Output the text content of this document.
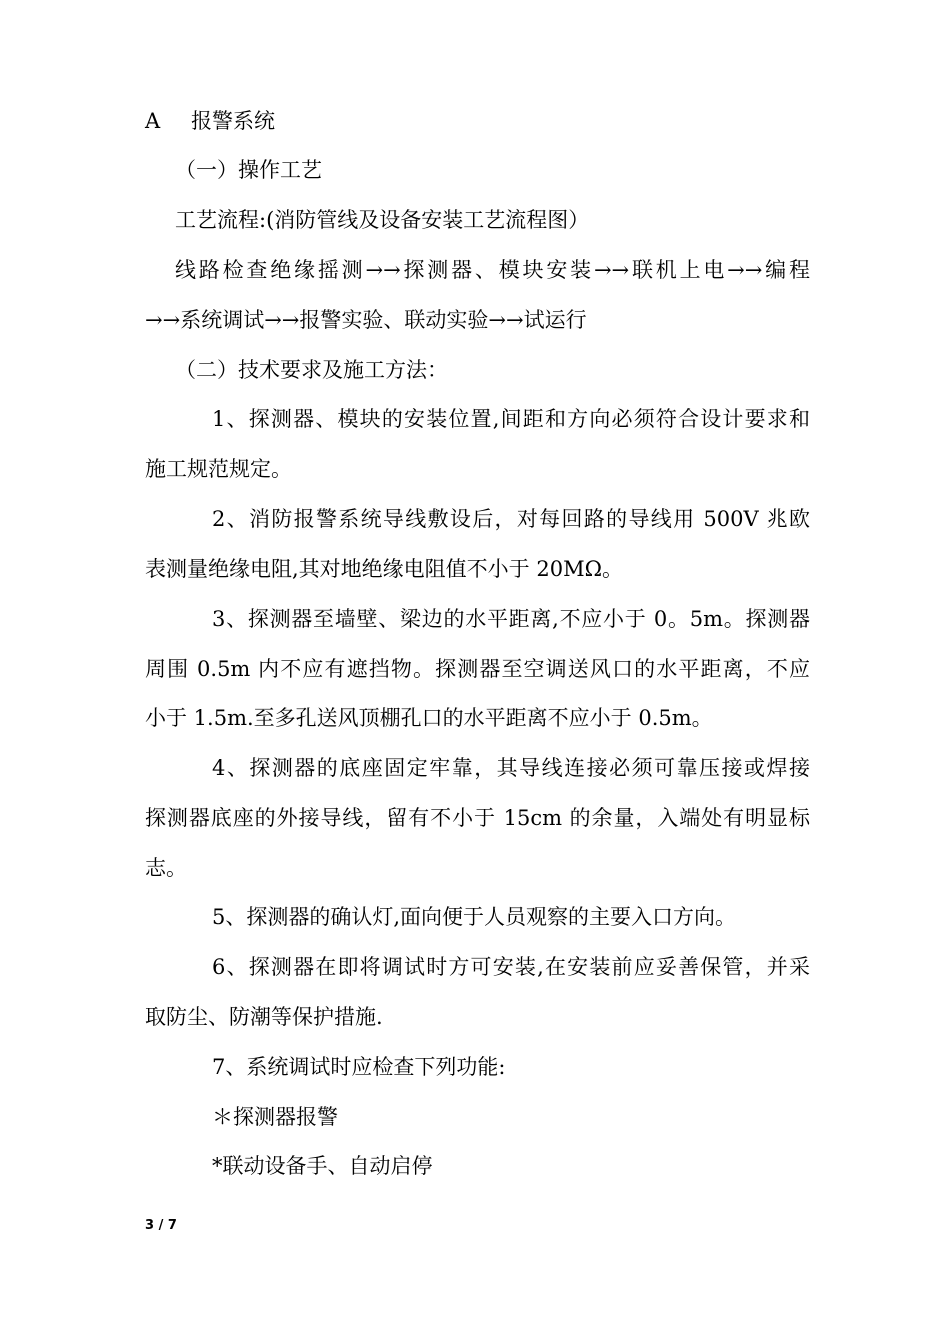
A 报警系统
（一）操作工艺
工艺流程:(消防管线及设备安装工艺流程图）
线路检查绝缘摇测→→探测器、模块安装→→联机上电→→编程
→→系统调试→→报警实验、联动实验→→试运行
（二）技术要求及施工方法：
1、探测器、模块的安装位置,间距和方向必须符合设计要求和
施工规范规定。
2、消防报警系统导线敷设后，对每回路的导线用 500V 兆欧
表测量绝缘电阻,其对地绝缘电阻值不小于 20MΩ。
3、探测器至墙壁、梁边的水平距离,不应小于 0。5m。探测器
周围 0.5m 内不应有遮挡物。探测器至空调送风口的水平距离，不应
小于 1.5m.至多孔送风顶棚孔口的水平距离不应小于 0.5m。
4、探测器的底座固定牢靠，其导线连接必须可靠压接或焊接
探测器底座的外接导线，留有不小于 15cm 的余量，入端处有明显标
志。
5、探测器的确认灯,面向便于人员观察的主要入口方向。
6、探测器在即将调试时方可安装,在安装前应妥善保管，并采
取防尘、防潮等保护措施.
7、系统调试时应检查下列功能:
＊探测器报警
*联动设备手、自动启停
3 / 7
